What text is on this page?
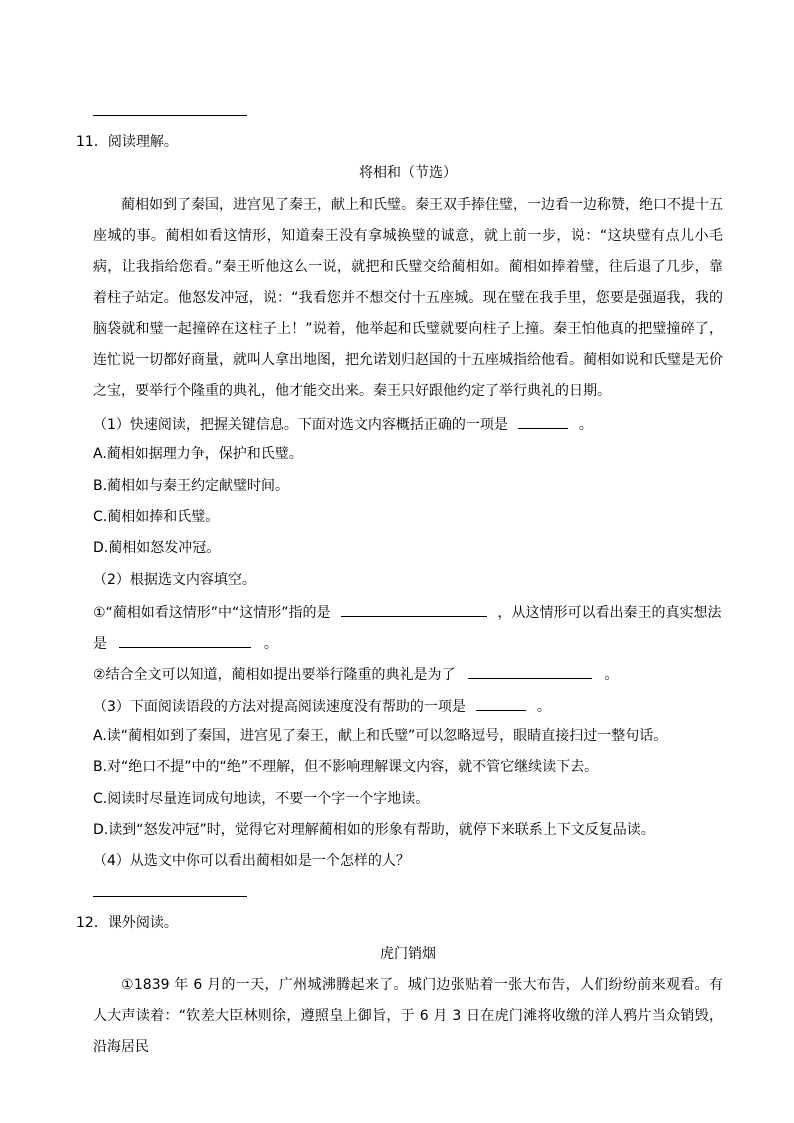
11．阅读理解。
将相和（节选）

蔺相如到了秦国，进宫见了秦王，献上和氏璧。秦王双手捧住璧，一边看一边称赞，绝口不提十五座城的事。蔺相如看这情形，知道秦王没有拿城换璧的诚意，就上前一步，说：“这块璧有点儿小毛病，让我指给您看。”秦王听他这么一说，就把和氏璧交给蔺相如。蔺相如捧着璧，往后退了几步，靠着柱子站定。他怒发冲冠，说：“我看您并不想交付十五座城。现在璧在我手里，您要是强逼我，我的脑袋就和璧一起撞碎在这柱子上！”说着，他举起和氏璧就要向柱子上撞。秦王怕他真的把璧撞碎了，连忙说一切都好商量，就叫人拿出地图，把允诺划归赵国的十五座城指给他看。蔺相如说和氏璧是无价之宝，要举行个隆重的典礼，他才能交出来。秦王只好跟他约定了举行典礼的日期。

（1）快速阅读，把握关键信息。下面对选文内容概括正确的一项是	。
A.蔺相如据理力争，保护和氏璧。
B.蔺相如与秦王约定献璧时间。
C.蔺相如捧和氏璧。
D.蔺相如怒发冲冠。
（2）根据选文内容填空。
①“蔺相如看这情形”中“这情形”指的是	，从这情形可以看出秦王的真实想法
是	。
②结合全文可以知道，蔺相如提出要举行隆重的典礼是为了	。
（3）下面阅读语段的方法对提高阅读速度没有帮助的一项是	。
A.读“蔺相如到了秦国，进宫见了秦王，献上和氏璧”可以忽略逗号，眼睛直接扫过一整句话。
B.对“绝口不提”中的“绝”不理解，但不影响理解课文内容，就不管它继续读下去。
C.阅读时尽量连词成句地读，不要一个字一个字地读。
D.读到“怒发冲冠”时，觉得它对理解蔺相如的形象有帮助，就停下来联系上下文反复品读。
（4）从选文中你可以看出蔺相如是一个怎样的人？
12．课外阅读。
虎门销烟

①1839 年 6 月的一天，广州城沸腾起来了。城门边张贴着一张大布告，人们纷纷前来观看。有人大声读着：“钦差大臣林则徐，遵照皇上御旨，于 6 月 3 日在虎门滩将收缴的洋人鸦片当众销毁，沿海居民
